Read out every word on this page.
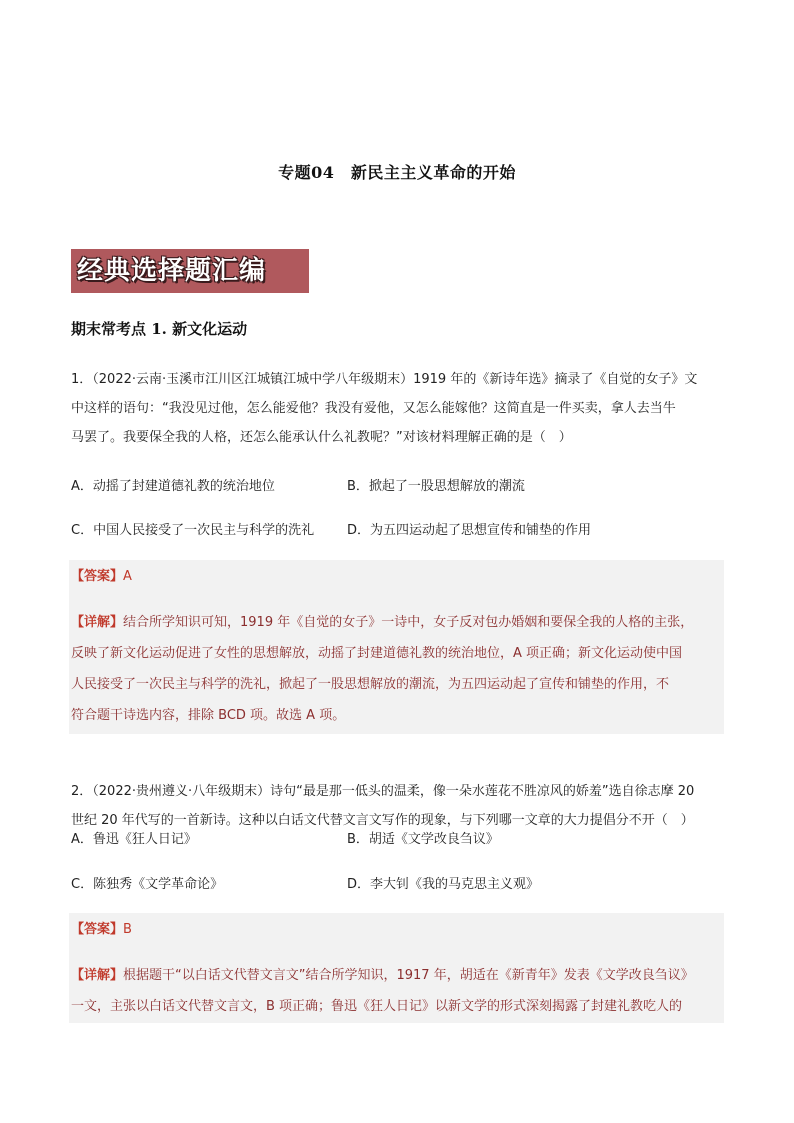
专题04　新民主主义革命的开始
经典选择题汇编
期末常考点 1. 新文化运动
1．（2022·云南·玉溪市江川区江城镇江城中学八年级期末）1919 年的《新诗年选》摘录了《自觉的女子》文
中这样的语句：“我没见过他，怎么能爱他？我没有爱他，又怎么能嫁他？这简直是一件买卖，拿人去当牛
马罢了。我要保全我的人格，还怎么能承认什么礼教呢？”对该材料理解正确的是（　）
A．动摇了封建道德礼教的统治地位	B．掀起了一股思想解放的潮流
C．中国人民接受了一次民主与科学的洗礼	D．为五四运动起了思想宣传和铺垫的作用
【答案】A
【详解】结合所学知识可知，1919 年《自觉的女子》一诗中，女子反对包办婚姻和要保全我的人格的主张，
反映了新文化运动促进了女性的思想解放，动摇了封建道德礼教的统治地位，A 项正确；新文化运动使中国
人民接受了一次民主与科学的洗礼，掀起了一股思想解放的潮流，为五四运动起了宣传和铺垫的作用，不
符合题干诗选内容，排除 BCD 项。故选 A 项。
2．（2022·贵州遵义·八年级期末）诗句“最是那一低头的温柔，像一朵水莲花不胜凉风的娇羞”选自徐志摩 20
世纪 20 年代写的一首新诗。这种以白话文代替文言文写作的现象，与下列哪一文章的大力提倡分不开（　）
A．鲁迅《狂人日记》	B．胡适《文学改良刍议》
C．陈独秀《文学革命论》	D．李大钊《我的马克思主义观》
【答案】B
【详解】根据题干“以白话文代替文言文”结合所学知识，1917 年，胡适在《新青年》发表《文学改良刍议》
一文，主张以白话文代替文言文，B 项正确；鲁迅《狂人日记》以新文学的形式深刻揭露了封建礼教吃人的
